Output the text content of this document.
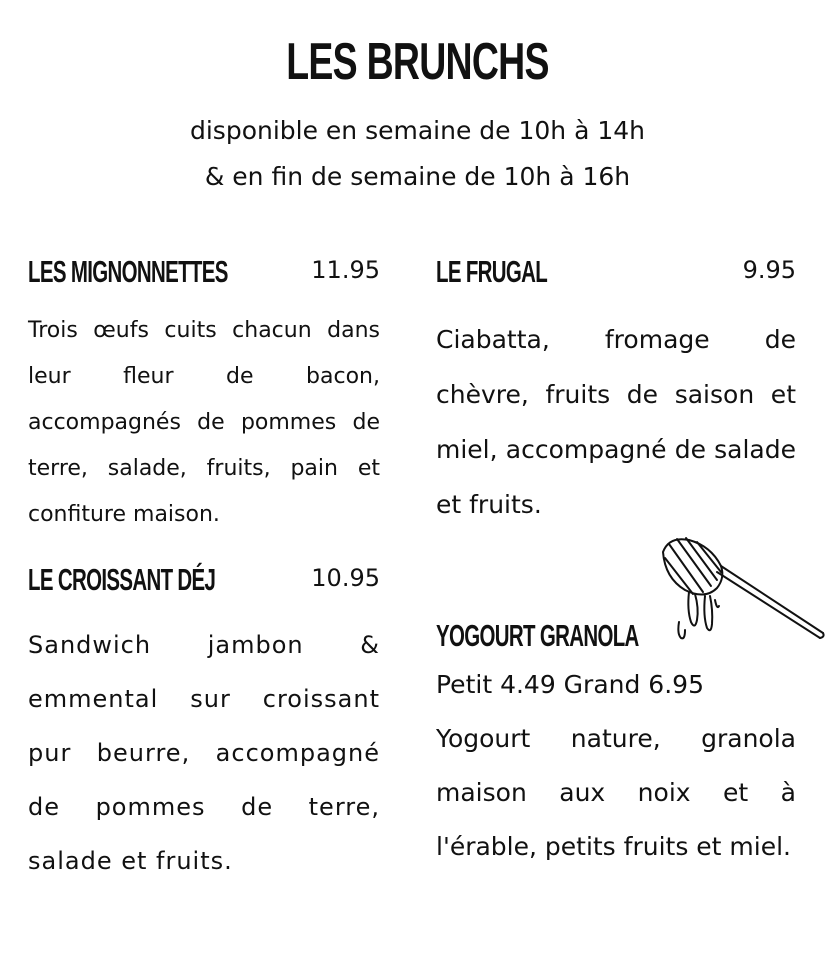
LES BRUNCHS
disponible en semaine de 10h à 14h
& en fin de semaine de 10h à 16h
LES MIGNONNETTES	11.95
Trois œufs cuits chacun dans leur fleur de bacon, accompagnés de pommes de terre, salade, fruits, pain et confiture maison.
LE CROISSANT DÉJ	10.95
Sandwich jambon & emmental sur croissant pur beurre, accompagné de pommes de terre, salade et fruits.
LE FRUGAL	9.95
Ciabatta, fromage de chèvre, fruits de saison et miel, accompagné de salade et fruits.
YOGOURT GRANOLA
Petit 4.49 Grand 6.95
Yogourt nature, granola maison aux noix et à l'érable, petits fruits et miel.
